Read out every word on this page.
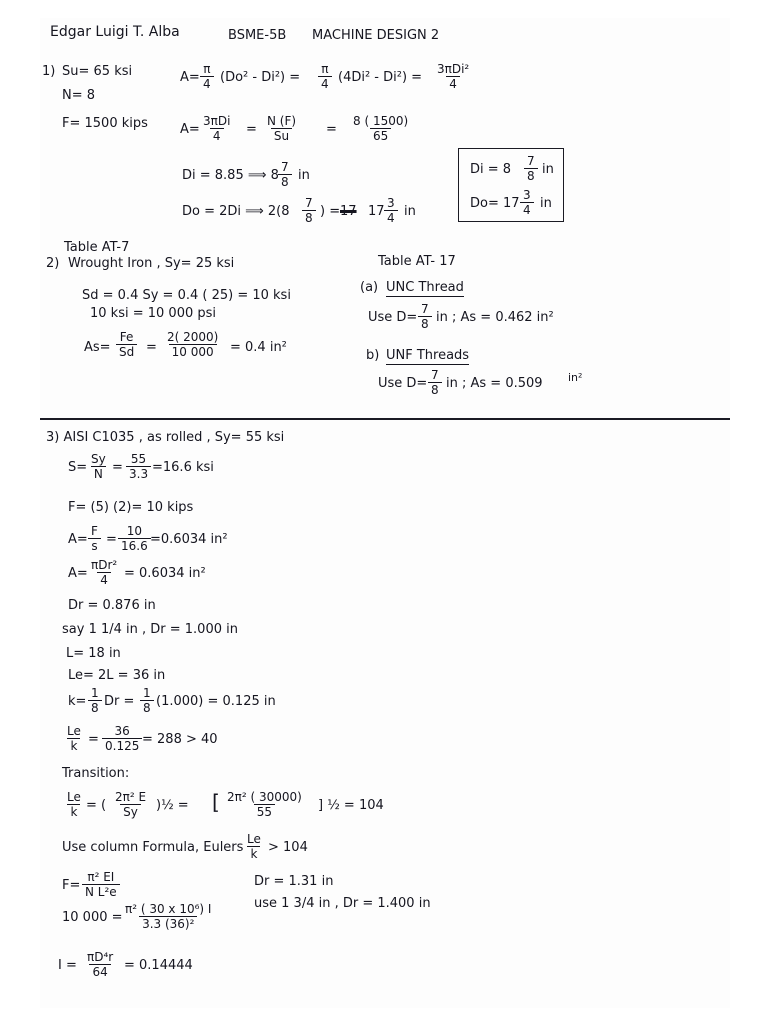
Edgar Luigi T. Alba	BSME-5B MACHINE DESIGN 2
1) Su= 65 ksi
N= 8
F= 1500 kips
$A= \frac{\pi}{4} (Do^2 - Di^2) = \frac{\pi}{4} (4Di^2 - Di^2)$ =
3πDi²
4
A=
3πDi
$4 = \frac{N (F)}{Su} = \frac{8 ( 1500)}{65}$
Di = 8.85 ⟹ $8 \frac{7}{8}$ in
Do = 2Di ⟹ $2(8 \frac{7}{8}$ ) = 17 $17 \frac{3}{4}$ in
$Di = 8 \frac{7}{8}$ in
$Do= 17 \frac{3}{4}$ in
Table AT-7
2) Wrought Iron , Sy= 25 ksi
Sd = 0.4 Sy = 0.4 ( 25) = 10 ksi
10 ksi = 10 000 psi
$As= \frac{Fe}{Sd} = \frac{2( 2000)}{10 000} = 0.4$ in²
Table AT- 17
(a) UNC Thread
Use $D= \frac{7}{8}$ in ; As = 0.462 in²
b) UNF Threads
Use $D= \frac{7}{8}$ in ; As = 0.509 in²
3) AISI C1035 , as rolled , Sy= 55 ksi
$S= \frac{Sy}{N} = \frac{55}{3.3} =16.6$ ksi
F= (5) (2)= 10 kips
$A= \frac{F}{s} = \frac{10}{16.6} =0.6034$ in²
A=
πDr²
4 = 0.6034 in²
Dr = 0.876 in
say 1 1/4 in , Dr = 1.000 in
L= 18 in
Le= 2L = 36 in
$k= \frac{1}{8}$ $Dr = \frac{1}{8} (1.000) = 0.125$ in
$\frac{Le}{k} = \frac{36}{0.125} = 288 > 40$
Transition:
$\frac{Le}{k}$ = ( $\frac{\text{2π² E}}{Sy}$ )½ = [ $\frac{\text{2π² ( 30000)}}{55}$ ] ½ = 104
Use column Formula, Eulers $\frac{Le}{k} > 104$
$F= \frac{\text{π² EI}}{\text{N L²e}}$	Dr = 1.31 in
use 1 3/4 in , Dr = 1.400 in
10 $000 = \frac{\text{π² ( 30 x 10⁶) I}}{\text{3.3 (36)²}}$
$I = \frac{\text{πD⁴r}}{64} = 0.14444$
